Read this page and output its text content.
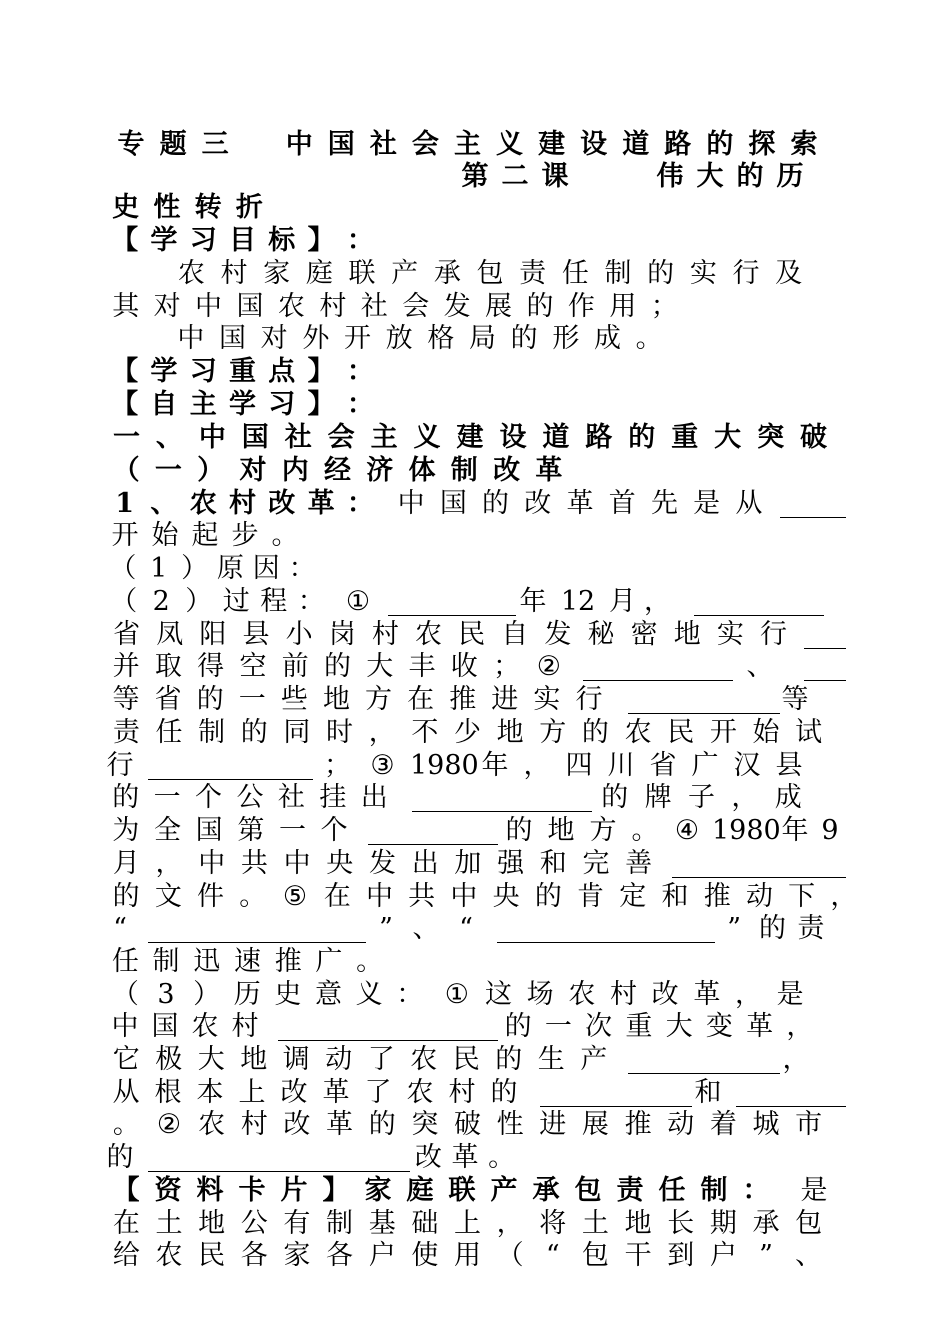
专 题 三 中 国 社 会 主 义 建 设 道 路 的 探 索
第 二 课	伟 大 的 历
史 性 转 折
【 学 习 目 标 】 ：
农 村 家 庭 联 产 承 包 责 任 制 的 实 行 及
其 对 中 国 农 村 社 会 发 展 的 作 用 ；
中 国 对 外 开 放 格 局 的 形 成 。
【 学 习 重 点 】 ：
【 自 主 学 习 】 ：
一 、 中 国 社 会 主 义 建 设 道 路 的 重 大 突 破
（ 一 ） 对 内 经 济 体 制 改 革
1 、 农 村 改 革 ： 中 国 的 改 革 首 先 是 从
开 始 起 步 。
（ 1 ） 原 因 ：
（ 2 ） 过 程 ： ①	年 12 月 ，
省 凤 阳 县 小 岗 村 农 民 自 发 秘 密 地 实 行
并 取 得 空 前 的 大 丰 收 ； ②	、
等 省 的 一 些 地 方 在 推 进 实 行	等
责 任 制 的 同 时 ， 不 少 地 方 的 农 民 开 始 试
行	； ③ 1980 年 ， 四 川 省 广 汉 县
的 一 个 公 社 挂 出	的 牌 子 ， 成
为 全 国 第 一 个	的 地 方 。 ④ 1980 年 9
月 ， 中 共 中 央 发 出 加 强 和 完 善
的 文 件 。 ⑤ 在 中 共 中 央 的 肯 定 和 推 动 下 ，
“	” 、 “	” 的 责
任 制 迅 速 推 广 。
（ 3 ） 历 史 意 义 ： ① 这 场 农 村 改 革 ， 是
中 国 农 村	的 一 次 重 大 变 革 ，
它 极 大 地 调 动 了 农 民 的 生 产	，
从 根 本 上 改 革 了 农 村 的	和
。 ② 农 村 改 革 的 突 破 性 进 展 推 动 着 城 市
的	改 革 。
【 资 料 卡 片 】 家 庭 联 产 承 包 责 任 制 ： 是
在 土 地 公 有 制 基 础 上 ， 将 土 地 长 期 承 包
给 农 民 各 家 各 户 使 用 （ “ 包 干 到 户 ” 、
